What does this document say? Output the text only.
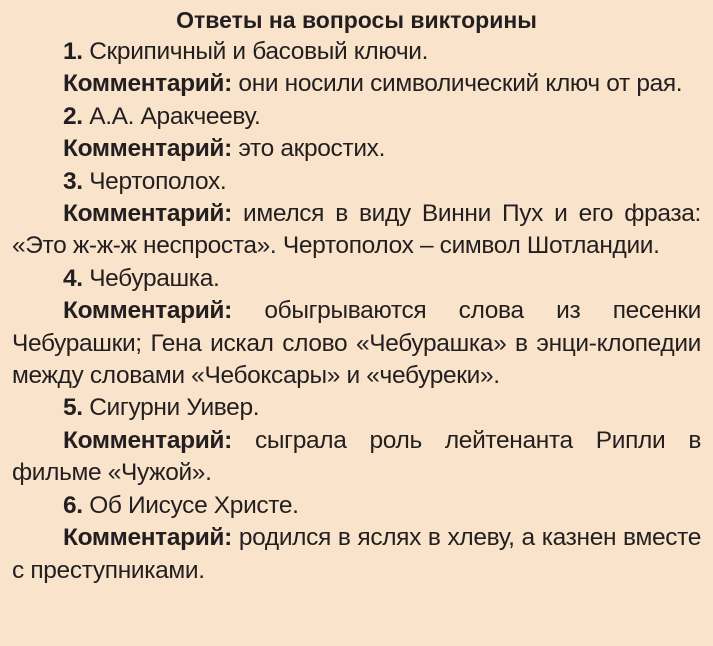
Ответы на вопросы викторины

1. Скрипичный и басовый ключи.

Комментарий: они носили символический ключ от рая.

2. А.А. Аракчееву.

Комментарий: это акростих.

3. Чертополох.

Комментарий: имелся в виду Винни Пух и его фраза: «Это ж-ж-ж неспроста». Чертополох – символ Шотландии.

4. Чебурашка.

Комментарий: обыгрываются слова из песенки Чебурашки; Гена искал слово «Чебурашка» в энци-клопедии между словами «Чебоксары» и «чебуреки».

5. Сигурни Уивер.

Комментарий: сыграла роль лейтенанта Рипли в фильме «Чужой».

6. Об Иисусе Христе.

Комментарий: родился в яслях в хлеву, а казнен вместе с преступниками.
